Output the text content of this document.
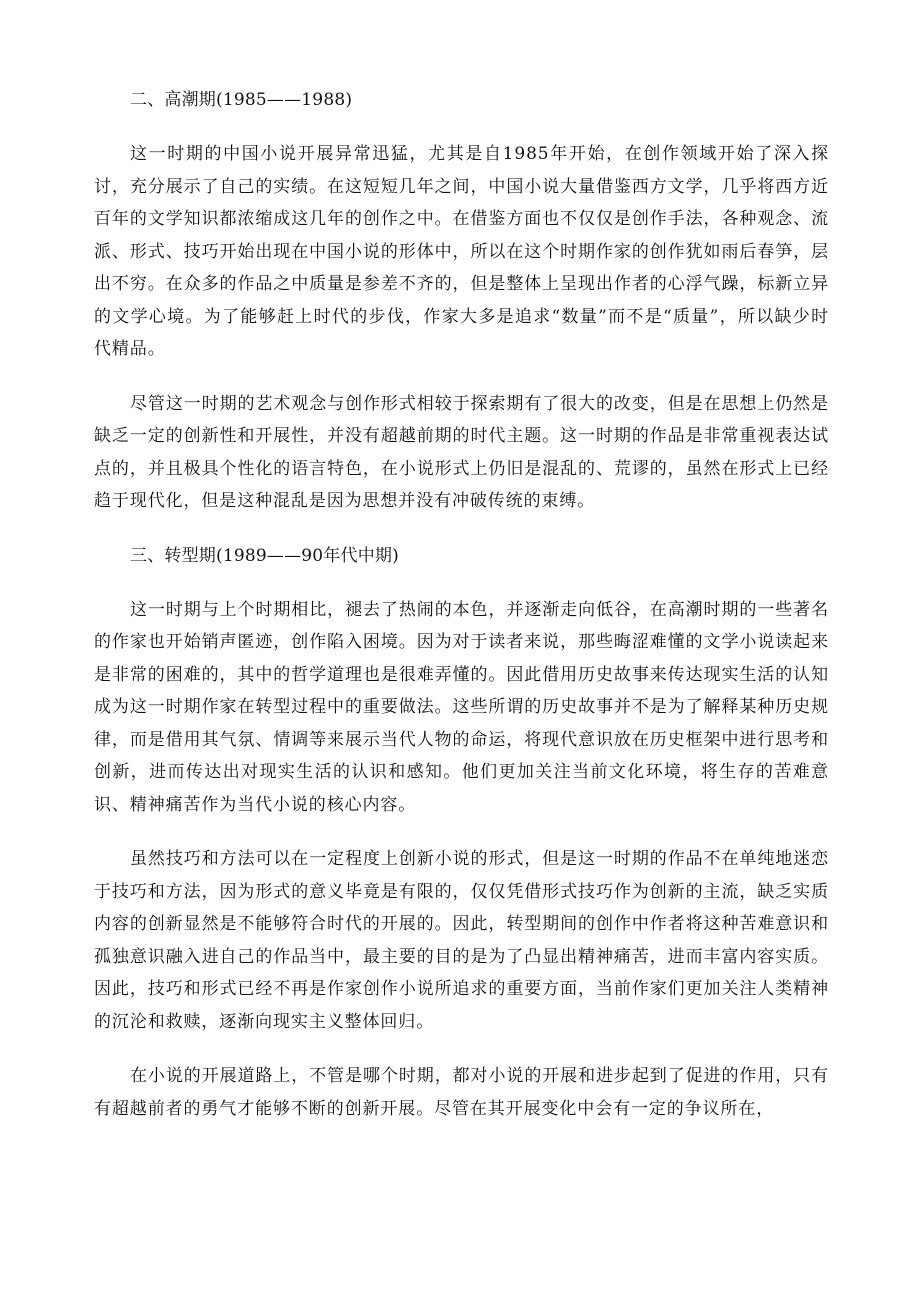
二、高潮期(1985——1988)

这一时期的中国小说开展异常迅猛，尤其是自1985年开始，在创作领域开始了深入探讨，充分展示了自己的实绩。在这短短几年之间，中国小说大量借鉴西方文学，几乎将西方近百年的文学知识都浓缩成这几年的创作之中。在借鉴方面也不仅仅是创作手法，各种观念、流派、形式、技巧开始出现在中国小说的形体中，所以在这个时期作家的创作犹如雨后春笋，层出不穷。在众多的作品之中质量是参差不齐的，但是整体上呈现出作者的心浮气躁，标新立异的文学心境。为了能够赶上时代的步伐，作家大多是追求“数量”而不是“质量”，所以缺少时代精品。

尽管这一时期的艺术观念与创作形式相较于探索期有了很大的改变，但是在思想上仍然是缺乏一定的创新性和开展性，并没有超越前期的时代主题。这一时期的作品是非常重视表达试点的，并且极具个性化的语言特色，在小说形式上仍旧是混乱的、荒谬的，虽然在形式上已经趋于现代化，但是这种混乱是因为思想并没有冲破传统的束缚。

三、转型期(1989——90年代中期)

这一时期与上个时期相比，褪去了热闹的本色，并逐渐走向低谷，在高潮时期的一些著名的作家也开始销声匿迹，创作陷入困境。因为对于读者来说，那些晦涩难懂的文学小说读起来是非常的困难的，其中的哲学道理也是很难弄懂的。因此借用历史故事来传达现实生活的认知成为这一时期作家在转型过程中的重要做法。这些所谓的历史故事并不是为了解释某种历史规律，而是借用其气氛、情调等来展示当代人物的命运，将现代意识放在历史框架中进行思考和创新，进而传达出对现实生活的认识和感知。他们更加关注当前文化环境，将生存的苦难意识、精神痛苦作为当代小说的核心内容。

虽然技巧和方法可以在一定程度上创新小说的形式，但是这一时期的作品不在单纯地迷恋于技巧和方法，因为形式的意义毕竟是有限的，仅仅凭借形式技巧作为创新的主流，缺乏实质内容的创新显然是不能够符合时代的开展的。因此，转型期间的创作中作者将这种苦难意识和孤独意识融入进自己的作品当中，最主要的目的是为了凸显出精神痛苦，进而丰富内容实质。因此，技巧和形式已经不再是作家创作小说所追求的重要方面，当前作家们更加关注人类精神的沉沦和救赎，逐渐向现实主义整体回归。

在小说的开展道路上，不管是哪个时期，都对小说的开展和进步起到了促进的作用，只有有超越前者的勇气才能够不断的创新开展。尽管在其开展变化中会有一定的争议所在，
